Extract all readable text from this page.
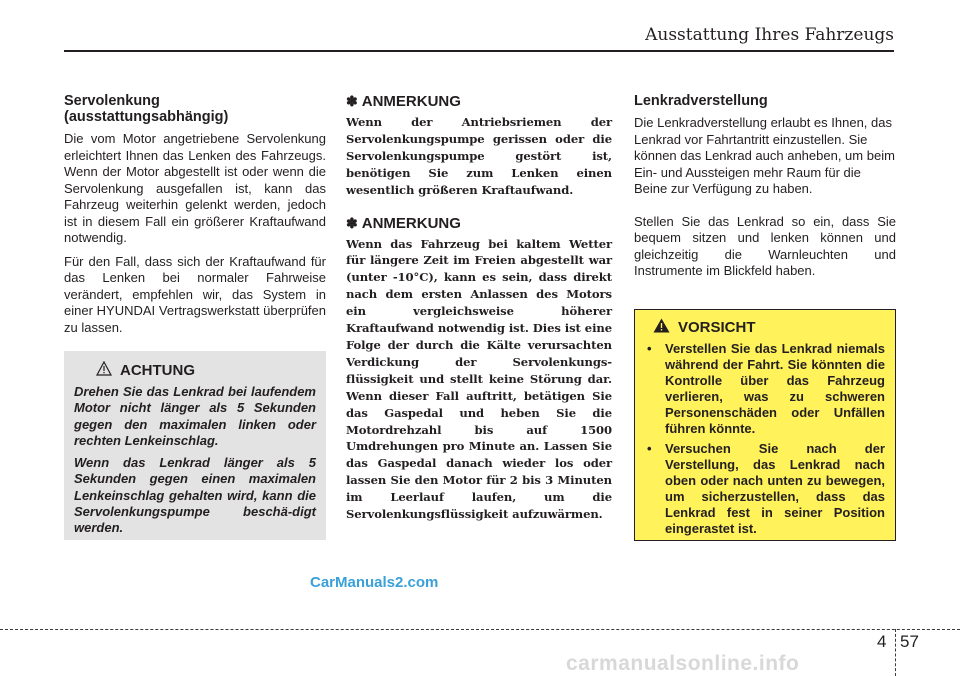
Ausstattung Ihres Fahrzeugs
Servolenkung (ausstattungsabhängig)

Die vom Motor angetriebene Servolenkung erleichtert Ihnen das Lenken des Fahrzeugs. Wenn der Motor abgestellt ist oder wenn die Servolenkung ausgefallen ist, kann das Fahrzeug weiterhin gelenkt werden, jedoch ist in diesem Fall ein größerer Kraftaufwand notwendig.

Für den Fall, dass sich der Kraftaufwand für das Lenken bei normaler Fahrweise verändert, empfehlen wir, das System in einer HYUNDAI Vertragswerkstatt überprüfen zu lassen.

ACHTUNG

Drehen Sie das Lenkrad bei laufendem Motor nicht länger als 5 Sekunden gegen den maximalen linken oder rechten Lenkeinschlag.

Wenn das Lenkrad länger als 5 Sekunden gegen einen maximalen Lenkeinschlag gehalten wird, kann die Servolenkungspumpe beschä-digt werden.

✽ ANMERKUNG

Wenn der Antriebsriemen der Servolenkungspumpe gerissen oder die Servolenkungspumpe gestört ist, benötigen Sie zum Lenken einen wesentlich größeren Kraftaufwand.

✽ ANMERKUNG

Wenn das Fahrzeug bei kaltem Wetter für längere Zeit im Freien abgestellt war (unter -10°C), kann es sein, dass direkt nach dem ersten Anlassen des Motors ein vergleichsweise höherer Kraftaufwand notwendig ist. Dies ist eine Folge der durch die Kälte verursachten Verdickung der Servolenkungs-flüssigkeit und stellt keine Störung dar. Wenn dieser Fall auftritt, betätigen Sie das Gaspedal und heben Sie die Motordrehzahl bis auf 1500 Umdrehungen pro Minute an. Lassen Sie das Gaspedal danach wieder los oder lassen Sie den Motor für 2 bis 3 Minuten im Leerlauf laufen, um die Servolenkungsflüssigkeit aufzuwärmen.

Lenkradverstellung

Die Lenkradverstellung erlaubt es Ihnen, das Lenkrad vor Fahrtantritt einzustellen. Sie können das Lenkrad auch anheben, um beim Ein- und Aussteigen mehr Raum für die Beine zur Verfügung zu haben.

Stellen Sie das Lenkrad so ein, dass Sie bequem sitzen und lenken können und gleichzeitig die Warnleuchten und Instrumente im Blickfeld haben.

VORSICHT
• Verstellen Sie das Lenkrad niemals während der Fahrt. Sie könnten die Kontrolle über das Fahrzeug verlieren, was zu schweren Personenschäden oder Unfällen führen könnte.
• Versuchen Sie nach der Verstellung, das Lenkrad nach oben oder nach unten zu bewegen, um sicherzustellen, dass das Lenkrad fest in seiner Position eingerastet ist.
CarManuals2.com
4 57
carmanualsonline.info
